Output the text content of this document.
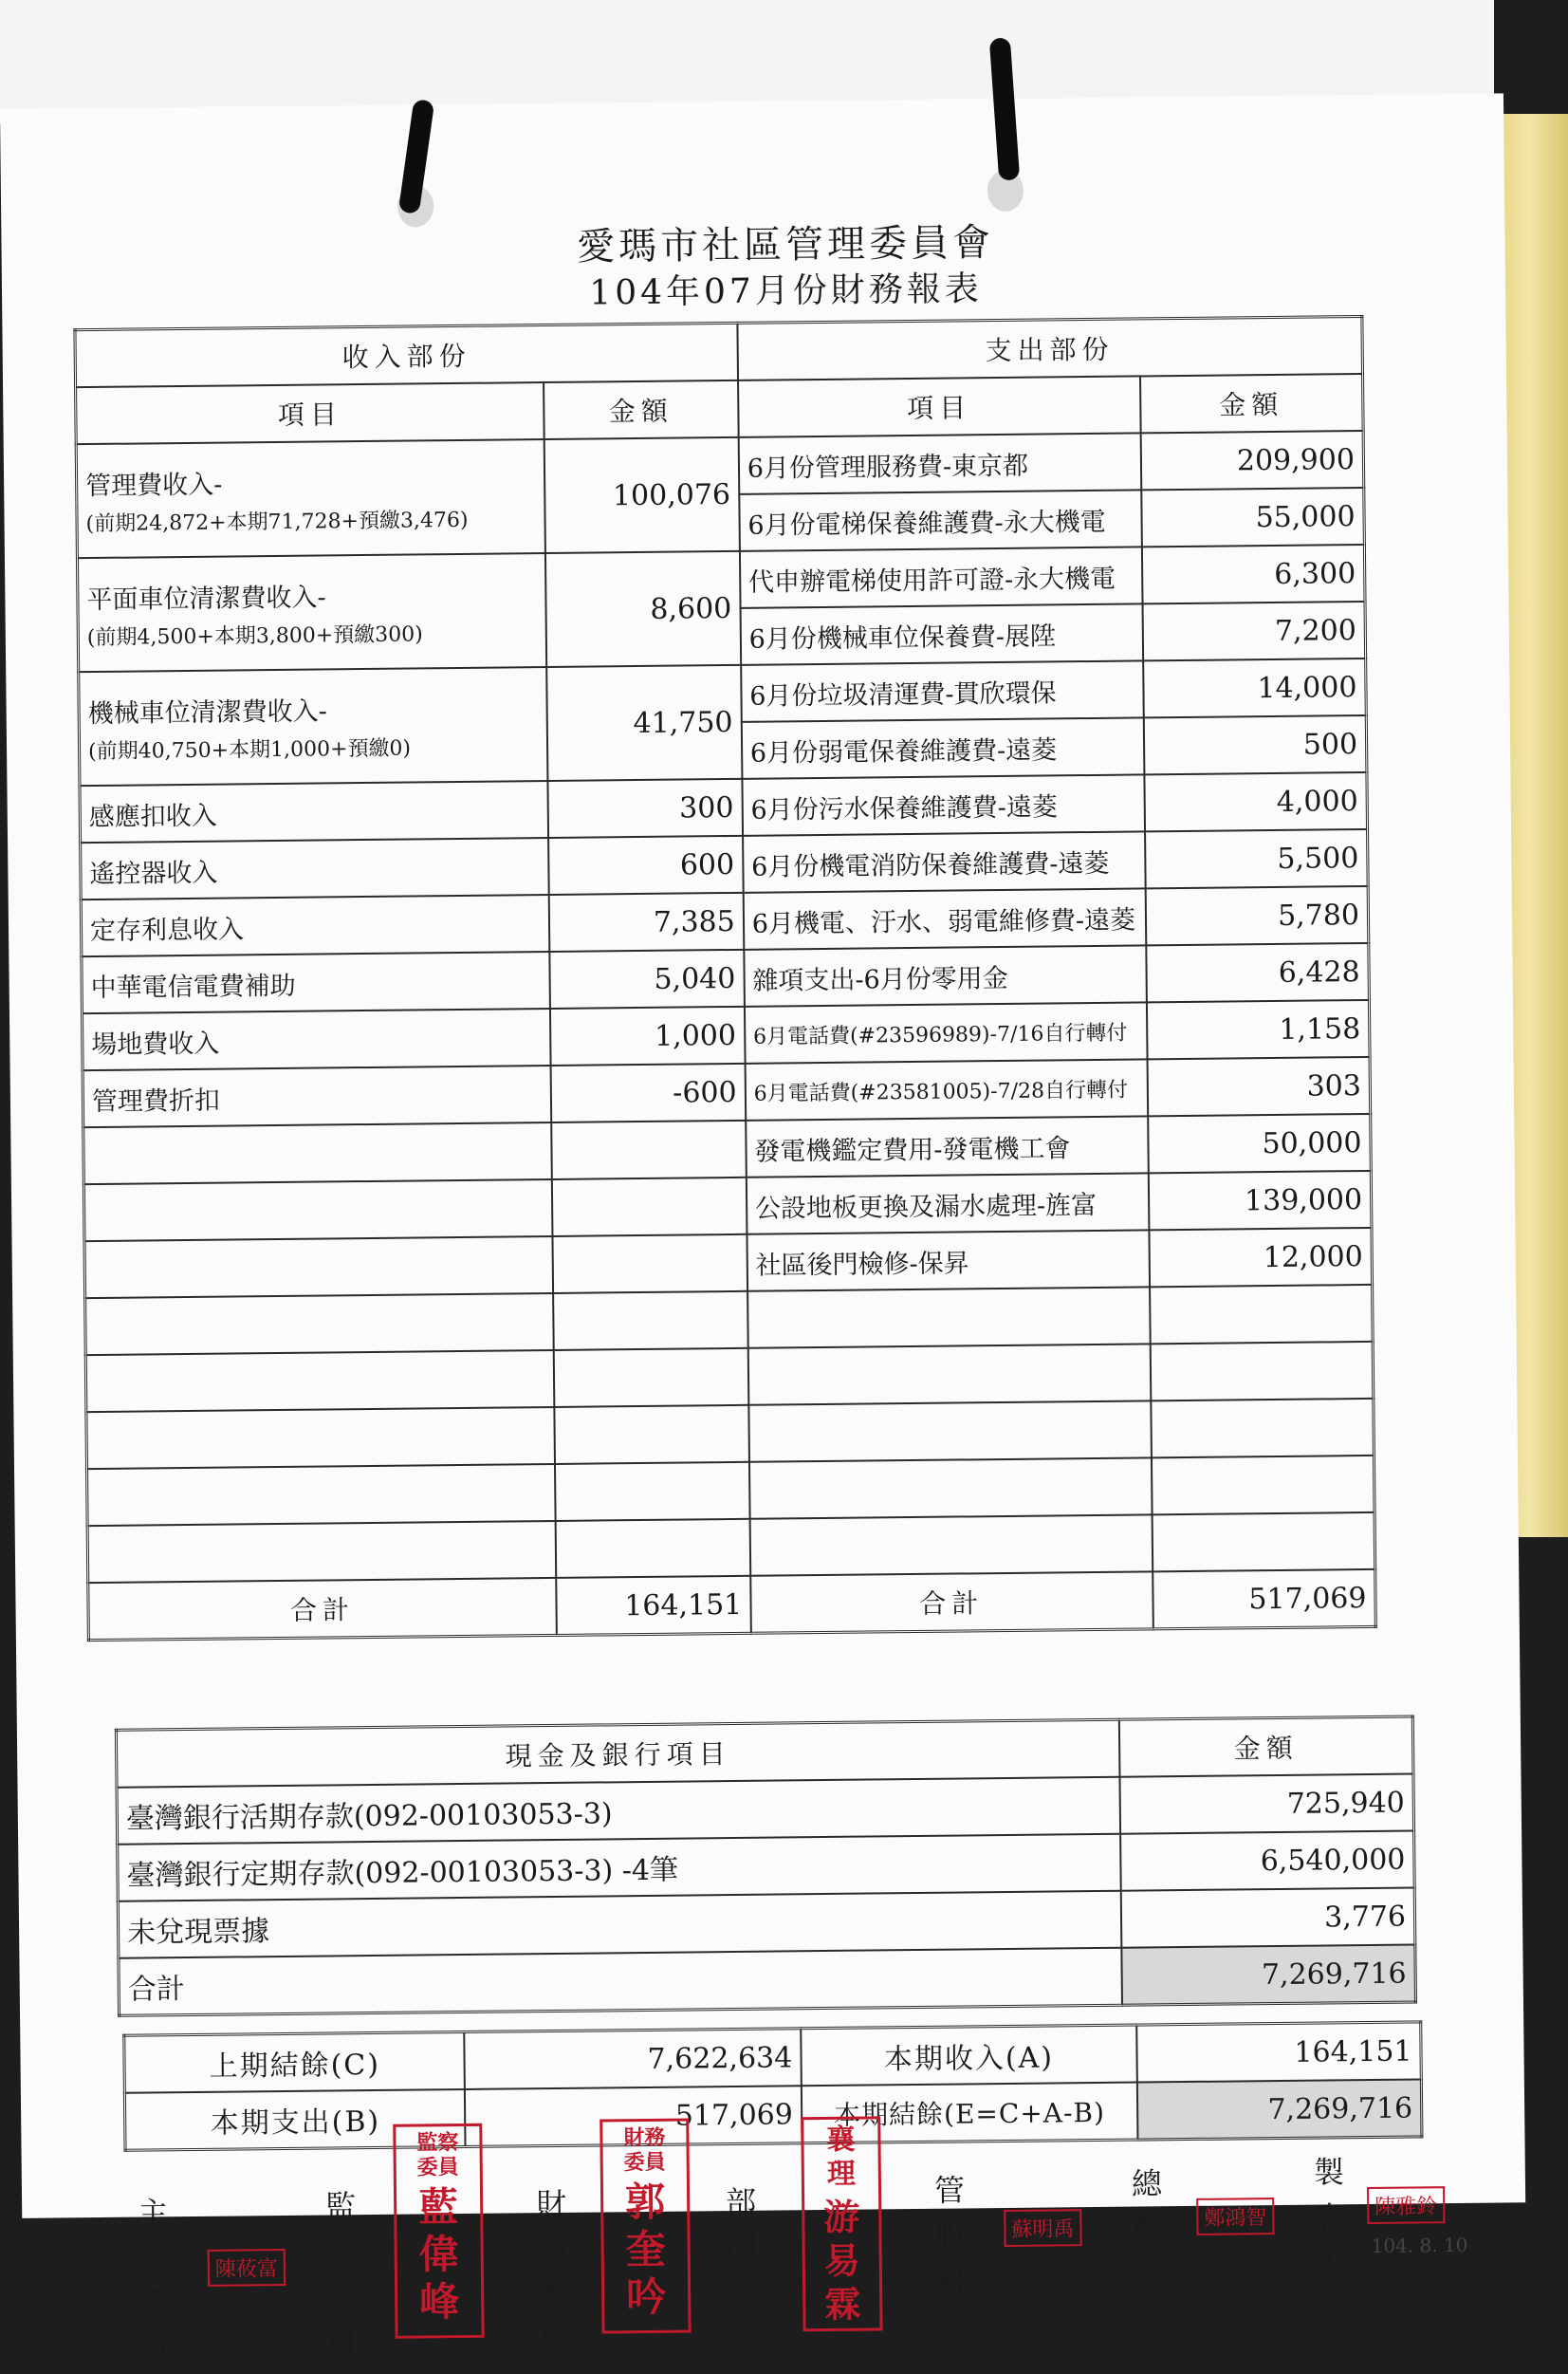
愛瑪市社區管理委員會
104年07月份財務報表
收入部份		支出部份	
項目	金額	項目	金額
管理費收入-
(前期24,872+本期71,728+預繳3,476)	100,076	6月份管理服務費-東京都	209,900
		6月份電梯保養維護費-永大機電	55,000
平面車位清潔費收入-
(前期4,500+本期3,800+預繳300)	8,600	代申辦電梯使用許可證-永大機電	6,300
		6月份機械車位保養費-展陞	7,200
機械車位清潔費收入-
(前期40,750+本期1,000+預繳0)	41,750	6月份垃圾清運費-貫欣環保	14,000
		6月份弱電保養維護費-遠菱	500
感應扣收入	300	6月份污水保養維護費-遠菱	4,000
遙控器收入	600	6月份機電消防保養維護費-遠菱	5,500
定存利息收入	7,385	6月機電、汙水、弱電維修費-遠菱	5,780
中華電信電費補助	5,040	雜項支出-6月份零用金	6,428
場地費收入	1,000	6月電話費(#23596989)-7/16自行轉付	1,158
管理費折扣	-600	6月電話費(#23581005)-7/28自行轉付	303
		發電機鑑定費用-發電機工會	50,000
		公設地板更換及漏水處理-旌富	139,000
		社區後門檢修-保昇	12,000

合計	164,151	合計	517,069
現金及銀行項目	金額
臺灣銀行活期存款(092-00103053-3)	725,940
臺灣銀行定期存款(092-00103053-3) -4筆	6,540,000
未兌現票據	3,776
合計	7,269,716
上期結餘(C)	7,622,634	本期收入(A)	164,151
本期支出(B)	517,069	本期結餘(E=C+A-B)	7,269,716
主任委員
陳莜富
監察委員
監察委員
藍偉峰
財務委員
財務委員
郭奎吟
部門主管
襄理
游易霖
管服科
蘇明禹
總幹事
鄭鴻智
製表人
陳雅鈴
104. 8. 10
